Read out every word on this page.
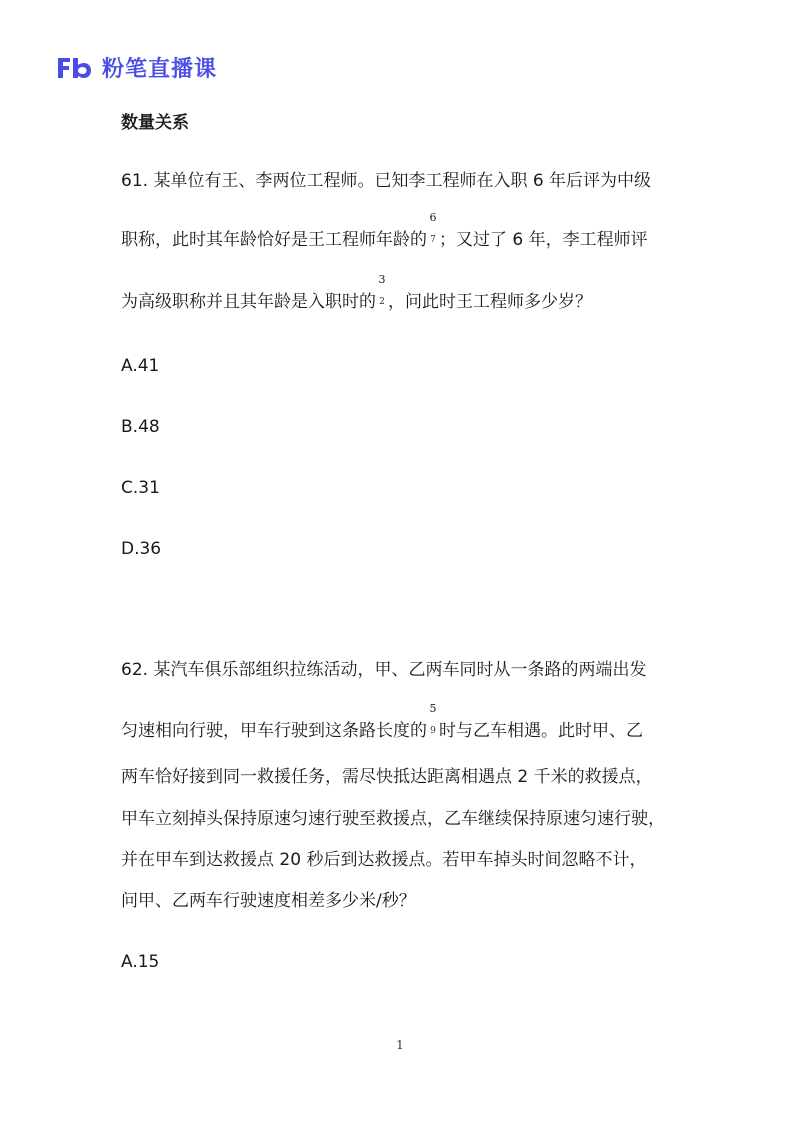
粉笔直播课
数量关系
61. 某单位有王、李两位工程师。已知李工程师在入职 6 年后评为中级
职称，此时其年龄恰好是王工程师年龄的
6
7 ；又过了 6 年，李工程师评
为高级职称并且其年龄是入职时的
3
2 ，问此时王工程师多少岁？
A.41
B.48
C.31
D.36
62. 某汽车俱乐部组织拉练活动，甲、乙两车同时从一条路的两端出发
匀速相向行驶，甲车行驶到这条路长度的
5
9 时与乙车相遇。此时甲、乙
两车恰好接到同一救援任务，需尽快抵达距离相遇点 2 千米的救援点，
甲车立刻掉头保持原速匀速行驶至救援点，乙车继续保持原速匀速行驶，
并在甲车到达救援点 20 秒后到达救援点。若甲车掉头时间忽略不计，
问甲、乙两车行驶速度相差多少米/秒？
A.15
1
